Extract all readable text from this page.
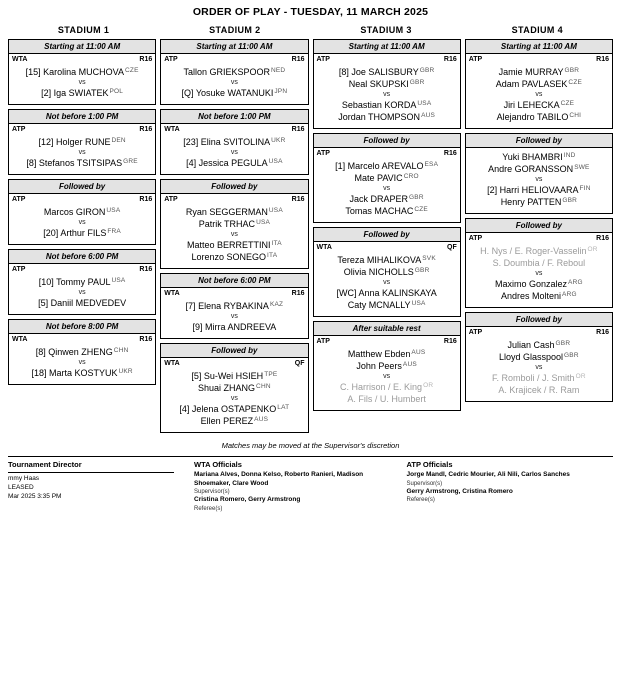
ORDER OF PLAY - TUESDAY, 11 MARCH 2025
STADIUM 1	STADIUM 2	STADIUM 3	STADIUM 4
Starting at 11:00 AM
WTA	R16
[15] Karolina $MUCHOVA^{CZE}$
vs
[2] Iga $SWIATEK^{POL}$
Not before 1:00 PM
ATP	R16
[12] Holger $RUNE^{DEN}$
vs
[8] Stefanos $TSITSIPAS^{GRE}$
Followed by
ATP	R16
Marcos $GIRON^{USA}$
vs
[20] Arthur $FILS^{FRA}$
Not before 6:00 PM
ATP	R16
[10] Tommy $PAUL^{USA}$
vs
[5] Daniil MEDVEDEV
Not before 8:00 PM
WTA	R16
[8] Qinwen $ZHENG^{CHN}$
vs
[18] Marta $KOSTYUK^{UKR}$
Starting at 11:00 AM
ATP	R16
Tallon $GRIEKSPOOR^{NED}$
vs
[Q] Yosuke $WATANUKI^{JPN}$
Not before 1:00 PM
WTA	R16
[23] Elina $SVITOLINA^{UKR}$
vs
[4] Jessica $PEGULA^{USA}$
Followed by
ATP	R16
Ryan $SEGGERMAN^{USA}$
Patrik $TRHAC^{USA}$
vs
Matteo $BERRETTINI^{ITA}$
Lorenzo $SONEGO^{ITA}$
Not before 6:00 PM
WTA	R16
[7] Elena $RYBAKINA^{KAZ}$
vs
[9] Mirra ANDREEVA
Followed by
WTA	QF
[5] Su-Wei $HSIEH^{TPE}$
Shuai $ZHANG^{CHN}$
vs
[4] Jelena $OSTAPENKO^{LAT}$
Ellen $PEREZ^{AUS}$
Starting at 11:00 AM
ATP	R16
[8] Joe $SALISBURY^{GBR}$
Neal $SKUPSKI^{GBR}$
vs
Sebastian $KORDA^{USA}$
Jordan $THOMPSON^{AUS}$
Followed by
ATP	R16
[1] Marcelo $AREVALO^{ESA}$
Mate $PAVIC^{CRO}$
vs
Jack $DRAPER^{GBR}$
Tomas $MACHAC^{CZE}$
Followed by
WTA	QF
Tereza $MIHALIKOVA^{SVK}$
Olivia $NICHOLLS^{GBR}$
vs
[WC] Anna KALINSKAYA
Caty $MCNALLY^{USA}$
After suitable rest
ATP	R16
Matthew Ebden$^{AUS}$
John Peers$^{AUS}$
vs
C. Harrison / E. King$^{OR}$
A. Fils / U. Humbert
Starting at 11:00 AM
ATP	R16
Jamie $MURRAY^{GBR}$
Adam $PAVLASEK^{CZE}$
vs
Jiri $LEHECKA^{CZE}$
Alejandro $TABILO^{CHI}$
Followed by
Yuki $BHAMBRI^{IND}$
Andre $GORANSSON^{SWE}$
vs
[2] Harri $HELIOVAARA^{FIN}$
Henry $PATTEN^{GBR}$
Followed by
ATP	R16
H. Nys / E. Roger-Vasselin$^{OR}$
S. Doumbia / F. Reboul
vs
Maximo Gonzalez$^{ARG}$
Andres Molteni$^{ARG}$
Followed by
ATP	R16
Julian Cash$^{GBR}$
Lloyd Glasspool$^{GBR}$
vs
F. Romboli / J. Smith$^{OR}$
A. Krajicek / R. Ram
Matches may be moved at the Supervisor's discretion
Tournament Director
mmy Haas
LEASED
Mar 2025 3:35 PM
WTA Officials
Mariana Alves, Donna Kelso, Roberto Ranieri, Madison Shoemaker, Clare Wood
Supervisor(s)
Cristina Romero, Gerry Armstrong
Referee(s)
ATP Officials
Jorge Mandl, Cedric Mourier, Ali Nili, Carlos Sanches
Supervisor(s)
Gerry Armstrong, Cristina Romero
Referee(s)
